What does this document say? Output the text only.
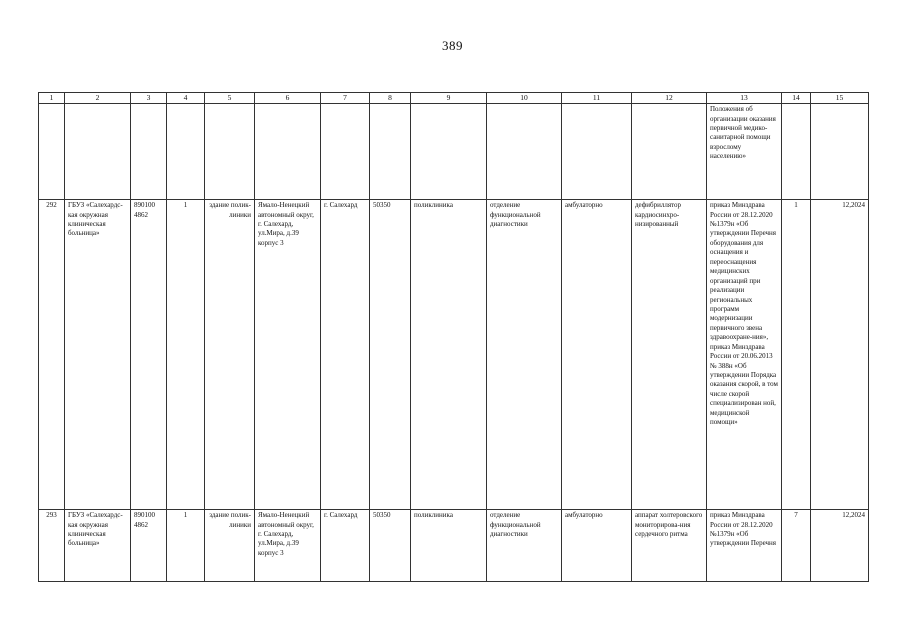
389
1	2	3	4	5	6	7	8	9	10	11	12	13	14	15
												Положения об организации оказания первичной медико-санитарной помощи взрослому населению»		
292	ГБУЗ «Салехардс-кая окружная клиническая больница»	890100 4862	1	здание полик-линики	Ямало-Ненецкий автономный округ, г. Салехард, ул.Мира, д.39 корпус 3	г. Салехард	50350	поликлиника	отделение функциональной диагностики	амбулаторно	дефибриллятор кардиосинхро-низированный	приказ Минздрава России от 28.12.2020 №1379н «Об утверждении Перечня оборудования для оснащения и переоснащения медицинских организаций при реализации региональных программ модернизации первичного звена здравоохране-ния», приказ Минздрава России от 20.06.2013 № 388н «Об утверждении Порядка оказания скорой, в том числе скорой специализирован ной, медицинской помощи»	1	12,2024
293	ГБУЗ «Салехардс-кая окружная клиническая больница»	890100 4862	1	здание полик-линики	Ямало-Ненецкий автономный округ, г. Салехард, ул.Мира, д.39 корпус 3	г. Салехард	50350	поликлиника	отделение функциональной диагностики	амбулаторно	аппарат холтеровского мониторирова-ния сердечного ритма	приказ Минздрава России от 28.12.2020 №1379н «Об утверждении Перечня	7	12,2024
